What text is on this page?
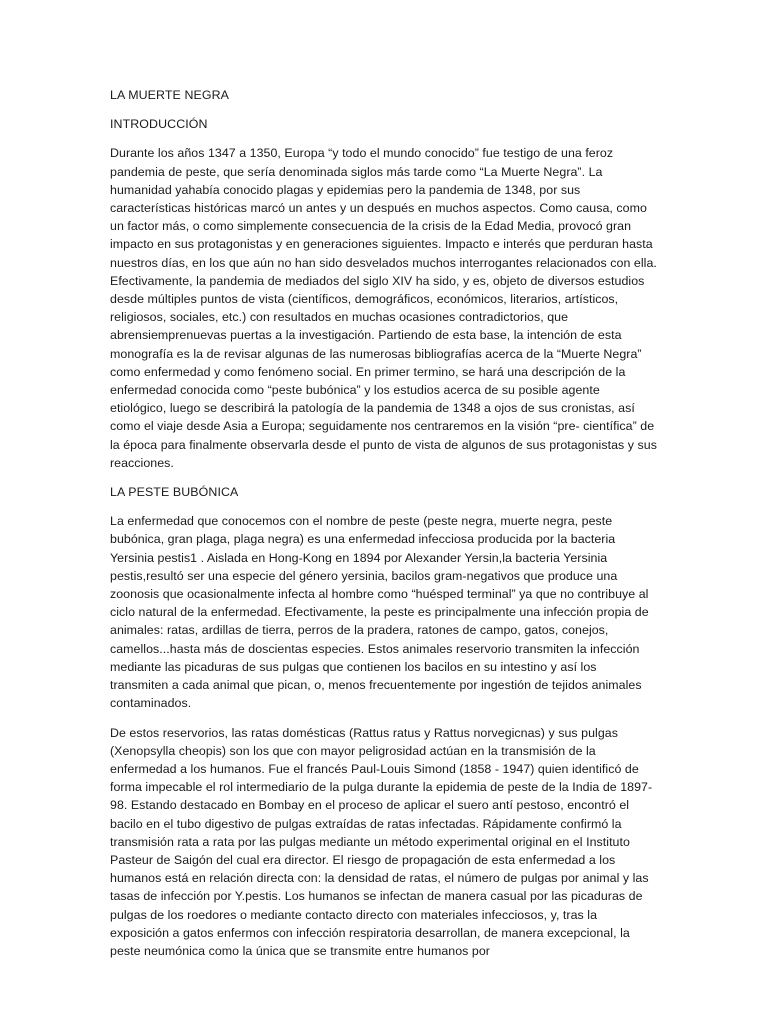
LA MUERTE NEGRA
INTRODUCCIÓN

Durante los años 1347 a 1350, Europa “y todo el mundo conocido” fue testigo de una feroz pandemia de peste, que sería denominada siglos más tarde como “La Muerte Negra”. La humanidad yahabía conocido plagas y epidemias pero la pandemia de 1348, por sus características históricas marcó un antes y un después en muchos aspectos. Como causa, como un factor más, o como simplemente consecuencia de la crisis de la Edad Media, provocó gran impacto en sus protagonistas y en generaciones siguientes. Impacto e interés que perduran hasta nuestros días, en los que aún no han sido desvelados muchos interrogantes relacionados con ella. Efectivamente, la pandemia de mediados del siglo XIV ha sido, y es, objeto de diversos estudios desde múltiples puntos de vista (científicos, demográficos, económicos, literarios, artísticos, religiosos, sociales, etc.) con resultados en muchas ocasiones contradictorios, que abrensiemprenuevas puertas a la investigación. Partiendo de esta base, la intención de esta monografía es la de revisar algunas de las numerosas bibliografías acerca de la “Muerte Negra” como enfermedad y como fenómeno social. En primer termino, se hará una descripción de la enfermedad conocida como “peste bubónica” y los estudios acerca de su posible agente etiológico, luego se describirá la patología de la pandemia de 1348 a ojos de sus cronistas, así como el viaje desde Asia a Europa; seguidamente nos centraremos en la visión “pre- científica” de la época para finalmente observarla desde el punto de vista de algunos de sus protagonistas y sus reacciones.

LA PESTE BUBÓNICA

La enfermedad que conocemos con el nombre de peste (peste negra, muerte negra, peste bubónica, gran plaga, plaga negra) es una enfermedad infecciosa producida por la bacteria Yersinia pestis1 . Aislada en Hong-Kong en 1894 por Alexander Yersin,la bacteria Yersinia pestis,resultó ser una especie del género yersinia, bacilos gram-negativos que produce una zoonosis que ocasionalmente infecta al hombre como “huésped terminal” ya que no contribuye al ciclo natural de la enfermedad. Efectivamente, la peste es principalmente una infección propia de animales: ratas, ardillas de tierra, perros de la pradera, ratones de campo, gatos, conejos, camellos...hasta más de doscientas especies. Estos animales reservorio transmiten la infección mediante las picaduras de sus pulgas que contienen los bacilos en su intestino y así los transmiten a cada animal que pican, o, menos frecuentemente por ingestión de tejidos animales contaminados.

De estos reservorios, las ratas domésticas (Rattus ratus y Rattus norvegicnas) y sus pulgas (Xenopsylla cheopis) son los que con mayor peligrosidad actúan en la transmisión de la enfermedad a los humanos. Fue el francés Paul-Louis Simond (1858 - 1947) quien identificó de forma impecable el rol intermediario de la pulga durante la epidemia de peste de la India de 1897-98. Estando destacado en Bombay en el proceso de aplicar el suero antí pestoso, encontró el bacilo en el tubo digestivo de pulgas extraídas de ratas infectadas. Rápidamente confirmó la transmisión rata a rata por las pulgas mediante un método experimental original en el Instituto Pasteur de Saigón del cual era director. El riesgo de propagación de esta enfermedad a los humanos está en relación directa con: la densidad de ratas, el número de pulgas por animal y las tasas de infección por Y.pestis. Los humanos se infectan de manera casual por las picaduras de pulgas de los roedores o mediante contacto directo con materiales infecciosos, y, tras la exposición a gatos enfermos con infección respiratoria desarrollan, de manera excepcional, la peste neumónica como la única que se transmite entre humanos por
